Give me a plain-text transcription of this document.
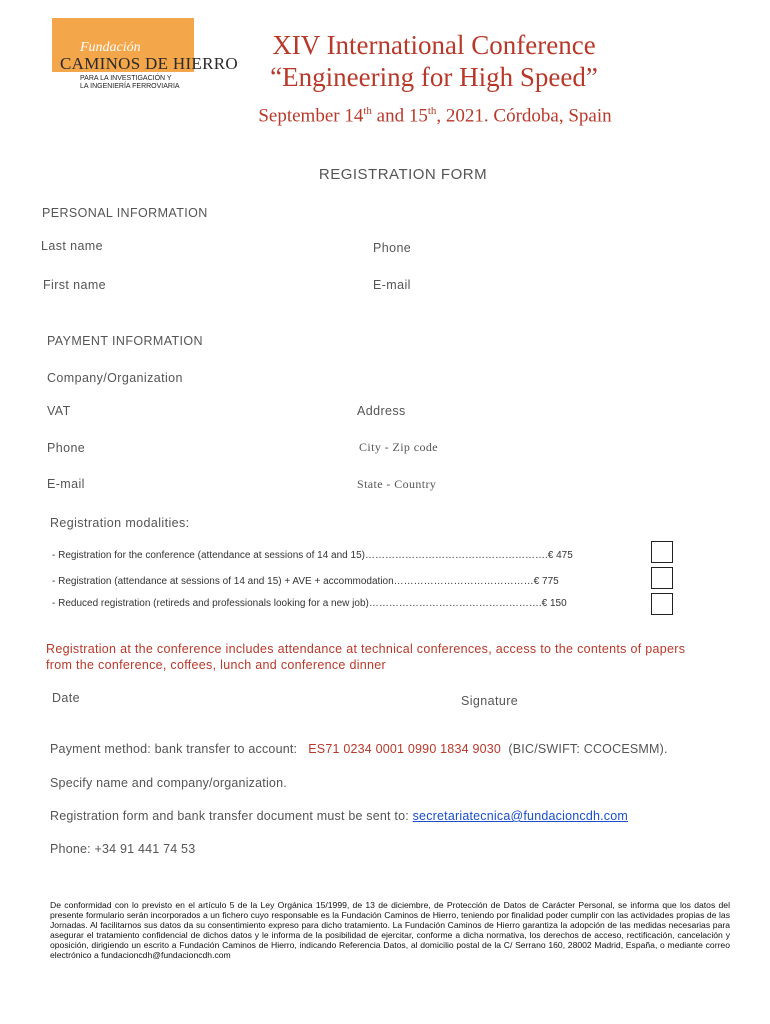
Fundación
CAMINOS DE HIERRO
PARA LA INVESTIGACIÓN Y
LA INGENIERÍA FERROVIARIA
XIV International Conference
“Engineering for High Speed”
September 14th and 15th, 2021. Córdoba, Spain
REGISTRATION FORM
PERSONAL INFORMATION
Last name	Phone
First name	E-mail
PAYMENT INFORMATION
Company/Organization
VAT	Address
Phone	City - Zip code
E-mail	State - Country
Registration modalities:
- Registration for the conference (attendance at sessions of 14 and 15)……………………………………………….€ 475
- Registration (attendance at sessions of 14 and 15) + AVE + accommodation……………………………………€ 775
- Reduced registration (retireds and professionals looking for a new job)…………………………………………….€ 150
Registration at the conference includes attendance at technical conferences, access to the contents of papers from the conference, coffees, lunch and conference dinner
Date	Signature
Payment method: bank transfer to account: ES71 0234 0001 0990 1834 9030 (BIC/SWIFT: CCOCESMM).
Specify name and company/organization.
Registration form and bank transfer document must be sent to: secretariatecnica@fundacioncdh.com
Phone: +34 91 441 74 53
De conformidad con lo previsto en el artículo 5 de la Ley Orgánica 15/1999, de 13 de diciembre, de Protección de Datos de Carácter Personal, se informa que los datos del presente formulario serán incorporados a un fichero cuyo responsable es la Fundación Caminos de Hierro, teniendo por finalidad poder cumplir con las actividades propias de las Jornadas. Al facilitarnos sus datos da su consentimiento expreso para dicho tratamiento. La Fundación Caminos de Hierro garantiza la adopción de las medidas necesarias para asegurar el tratamiento confidencial de dichos datos y le informa de la posibilidad de ejercitar, conforme a dicha normativa, los derechos de acceso, rectificación, cancelación y oposición, dirigiendo un escrito a Fundación Caminos de Hierro, indicando Referencia Datos, al domicilio postal de la C/ Serrano 160, 28002 Madrid, España, o mediante correo electrónico a fundacioncdh@fundacioncdh.com
